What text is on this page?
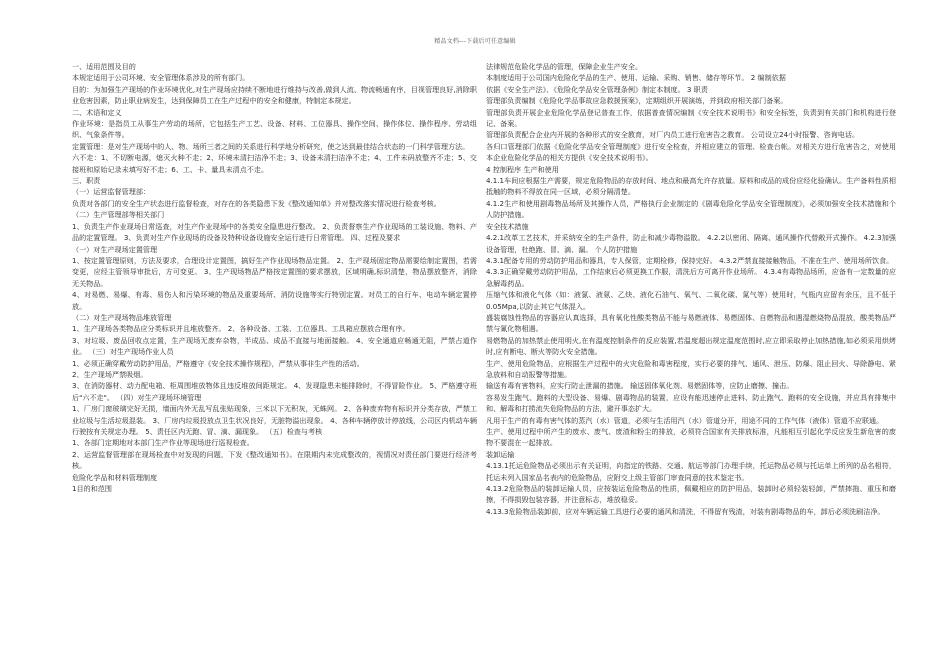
精品文档---下载后可任意编辑

一、适用范围及目的

本规定适用于公司环境、安全管理体系涉及的所有部门。

目的：为加强生产现场的作业环境优化,对生产现场应持续不断地进行维持与改善,做到人流、物流畅通有序，目视管理良好,消除职业危害因素，防止职业病发生，达到保障员工在生产过程中的安全和健康，特制定本规定。

二、术语和定义

作业环境：是指员工从事生产劳动的场所，它包括生产工艺、设备、材料、工位器具、操作空间、操作体位、操作程序、劳动组织、气象条件等。

定置管理：是对生产现场中的人、物、场所三者之间的关系进行科学地分析研究，使之达到最佳结合状态的一门科学管理方法。

六不走：1、不切断电源，熄灭火种不走；2、环境未清扫洁净不走；3、设备未清扫洁净不走；4、工件未码放整齐不走；5、交接班和原始记录未填写好不走；6、工、卡、量具未清点不走。

三、职责

（一）运营监督管理部：

负责对各部门的安全生产状态进行监督检查，对存在的各类隐患下发《整改通知单》并对整改落实情况进行检查考核。

（二）生产管理部等相关部门

1、负责生产作业现场日常巡查，对生产作业现场中的各类安全隐患进行整改。 2、负责督察生产作业现场的工装设施、物料、产品的定置管理。 3、负责对生产作业现场的设备及特种设备设施安全运行进行日常管理。 四、过程及要求

（一）对生产现场定置管理

1、按定置管理原则，方法及要求，合理设计定置图，搞好生产作业现场物品定置。 2、生产现场固定物品需要绘制定置图，若需变更，应经主管领导审批后，方可变更。 3、生产现场物品严格按定置图的要求摆放，区域明确,标识清楚，物品摆放整齐，消除无关物品。

4、对易燃、易爆、有毒、易伤人和污染环境的物品及重要场所、消防设施等实行特别定置。对员工的自行车、电动车辆定置停放。

（二）对生产现场物品堆放管理

1、生产现场各类物品应分类标识并且堆放整齐。 2、各种设备、工装、工位器具、工具箱应摆放合理有序。

3、对垃圾、废品回收点定置，生产现场无废弃杂物，半成品、成品不直接与地面接触。 4、安全通道应畅通无阻，严禁占道作业。 （三）对生产现场作业人员

1、必须正确穿戴劳动防护用品，严格遵守《安全技术操作规程》，严禁从事非生产性的活动。

2、生产现场严禁吸烟。

3、在消防器材、动力配电箱、柜周围堆放物体且违反堆放间距规定。 4、发现隐患未能排除时，不得冒险作业。 5、严格遵守班后"六不走"。 （四）对生产现场环境管理

1、厂房门窗玻璃完好无损，墙面内外无乱写乱张贴现象，三米以下无积灰，无蛛网。 2、各种废弃物有标识并分类存放，严禁工业垃圾与生活垃圾混装。 3、厂房内垃圾投放点卫生状况良好，无脏物溢出现象。 4、各种车辆停放计停放线，公司区内机动车辆行驶按有关规定办理。 5、责任区内无跑、冒、滴、漏现象。 （五）检查与考核

1、各部门定期地对本部门生产作业等现场进行巡视检查。

2、运营监督管理部在现场检查中对发现的问题，下发《整改通知书》。在限期内未完成整改的，视情况对责任部门要进行经济考核。

危险化学品和材料管理制度

1目的和范围

法律规范危险化学品的管理，保障企业生产安全。

本制度适用于公司国内危险化学品的生产、使用、运输、采购、销售、储存等环节。 2 编制依据

依据《安全生产法》、《危险化学品安全管理条例》制定本制度。 3 职责

管理部负责编制《危险化学品事故应急救援预案》，定期组织开展演练，并到政府相关部门备案。

管理部负责开展企业危险化学品登记普查工作，依据普查情况编制《安全技术说明书》和安全标签，负责到有关部门和机构进行登记、备案。

管理部负责配合企业内开展的各种形式的安全教育，对厂内员工进行危害告之教育。 公司设立24小时报警、咨询电话。

各归口管理部门依据《危险化学品安全管理制度》进行安全检查，并相应建立的管理、检查台帐。对相关方进行危害告之，对使用本企业危险化学品的相关方提供《安全技术说明书》。

4 控制程序 生产和使用

4.1.1车间应根据生产需要，规定危险物品的存放时间、地点和最高允许存放量。原料和成品的成份应经化验确认。生产备料性质相抵触的物料不得放在同一区域，必须分隔清楚。

4.1.2生产和使用剧毒物品场所及其操作人员，严格执行企业制定的《剧毒危险化学品安全管理制度》，必须加强安全技术措施和个人防护措施。

安全技术措施

4.2.1改革工艺技术，并采纳安全的生产条件，防止和减少毒物溢散。 4.2.2以密闭、隔离、通风操作代替敞开式操作。 4.2.3加强设备管理，杜绝跑、冒、滴、漏。 个人防护措施

4.3.1配备专用的劳动防护用品和器具，专人保管，定期检修，保持完好。 4.3.2严禁直接接触物品，不准在生产、使用场所饮食。

4.3.3正确穿戴劳动防护用品，工作结束后必须更换工作服，清洗后方可离开作业场所。 4.3.4有毒物品场所，应备有一定数量的应急解毒药品。

压缩气体和液化气体（如：液氯、液氨、乙炔、液化石油气、氧气、二氧化碳、氮气等）使用时，气瓶内应留有余压，且不低于0.05Mpa,以防止其它气体混入。

盛装腐蚀性物品的容器应认真选择，具有氧化性酸类物品不能与易燃液体、易燃固体、自燃物品和遇湿燃烧物品混放，酸类物品严禁与氰化物相遇。

易燃物品的加热禁止使用明火,在有温度控制条件的反应装置,若温度超出规定温度范围时,应立即采取停止加热措施,如必须采用烘烤时,应有断电、断火等防火安全措施。

生产、使用危险物品，应根据生产过程中的火灾危险和毒害程度，实行必要的排气、通风、泄压、防爆、阻止回火、导除静电、紧急放料和自动报警等措施。

输送有毒有害物料，应实行防止泄漏的措施。 输送固体氧化剂、易燃固体等，应防止磨擦、撞击。

容易发生跑气、跑料的大型设备、易爆、剧毒物品的装置，应设有能迅速停止进料、防止跑气、跑料的安全设施，并应具有排集中和、解毒和打捞流失危险物品的方法，避开事态扩大。

凡用于生产的有毒有害气体的蒸汽（水）管道，必须与生活用汽（水）管道分开，用途不同的工作气体（液体）管道不应联通。

生产、使用过程中所产生的废水、废气、废渣和粉尘的排放，必须符合国家有关排放标准，凡能相互引起化学反应发生新危害的废物不要混在一起排放。

装卸运输

4.13.1托运危险物品必须出示有关证明，向指定的铁路、交通、航运等部门办理手续，托运物品必须与托运单上所列的品名相符，托运未列入国家品名表内的危险物品，应附交上级主管部门审查同意的技术鉴定书。

4.13.2危险物品的装卸运输人员，应按装运危险物品的性质，佩戴相应的防护用品，装卸时必须轻装轻卸，严禁摔拖、重压和磨擦，不得损毁包装容器，并注意标志，堆放稳妥。

4.13.3危险物品装卸前，应对车辆运输工具进行必要的通风和清洗，不得留有残渣，对装有剧毒物品的车，卸后必须洗刷洁净。
